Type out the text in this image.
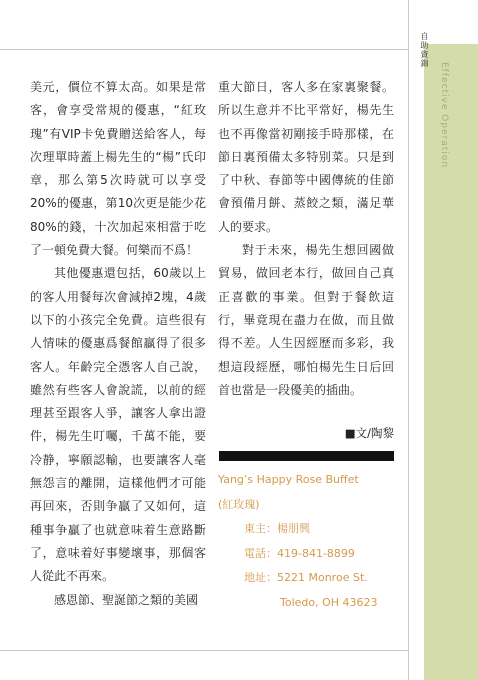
自助資錦
Effective Operation

美元，價位不算太高。如果是常客，會享受常規的優惠，“紅玫瑰”有VIP卡免費贈送給客人，每次理單時蓋上楊先生的“楊”氏印章，那么第5次時就可以享受20%的優惠，第10次更是能少花80%的錢，十次加起來相當于吃了一頓免費大餐。何樂而不爲！

其他優惠還包括，60歲以上的客人用餐每次會減掉2塊，4歲以下的小孩完全免費。這些很有人情味的優惠爲餐館贏得了很多客人。年齡完全憑客人自己說，雖然有些客人會說謊，以前的經理甚至跟客人爭，讓客人拿出證件，楊先生叮囑，千萬不能，要冷静，寧願認輸，也要讓客人毫無怨言的離開，這樣他們才可能再回來，否則争贏了又如何，這種事争贏了也就意味着生意路斷了，意味着好事變壞事，那個客人從此不再來。

感恩節、聖誕節之類的美國

重大節日，客人多在家裏聚餐。所以生意并不比平常好，楊先生也不再像當初剛接手時那樣，在節日裏預備太多特别菜。只是到了中秋、春節等中國傳統的佳節會預備月餅、蒸餃之類，滿足華人的要求。

對于未來，楊先生想回國做貿易，做回老本行，做回自己真正喜歡的事業。但對于餐飲這行，畢竟現在盡力在做，而且做得不差。人生因經歷而多彩，我想這段經歷，哪怕楊先生日后回首也當是一段優美的插曲。

■文/陶黎
Yang’s Happy Rose Buffet
(紅玫瑰)
東主：楊朋興
電話：419-841-8899
地址：5221 Monroe St.
Toledo, OH 43623
